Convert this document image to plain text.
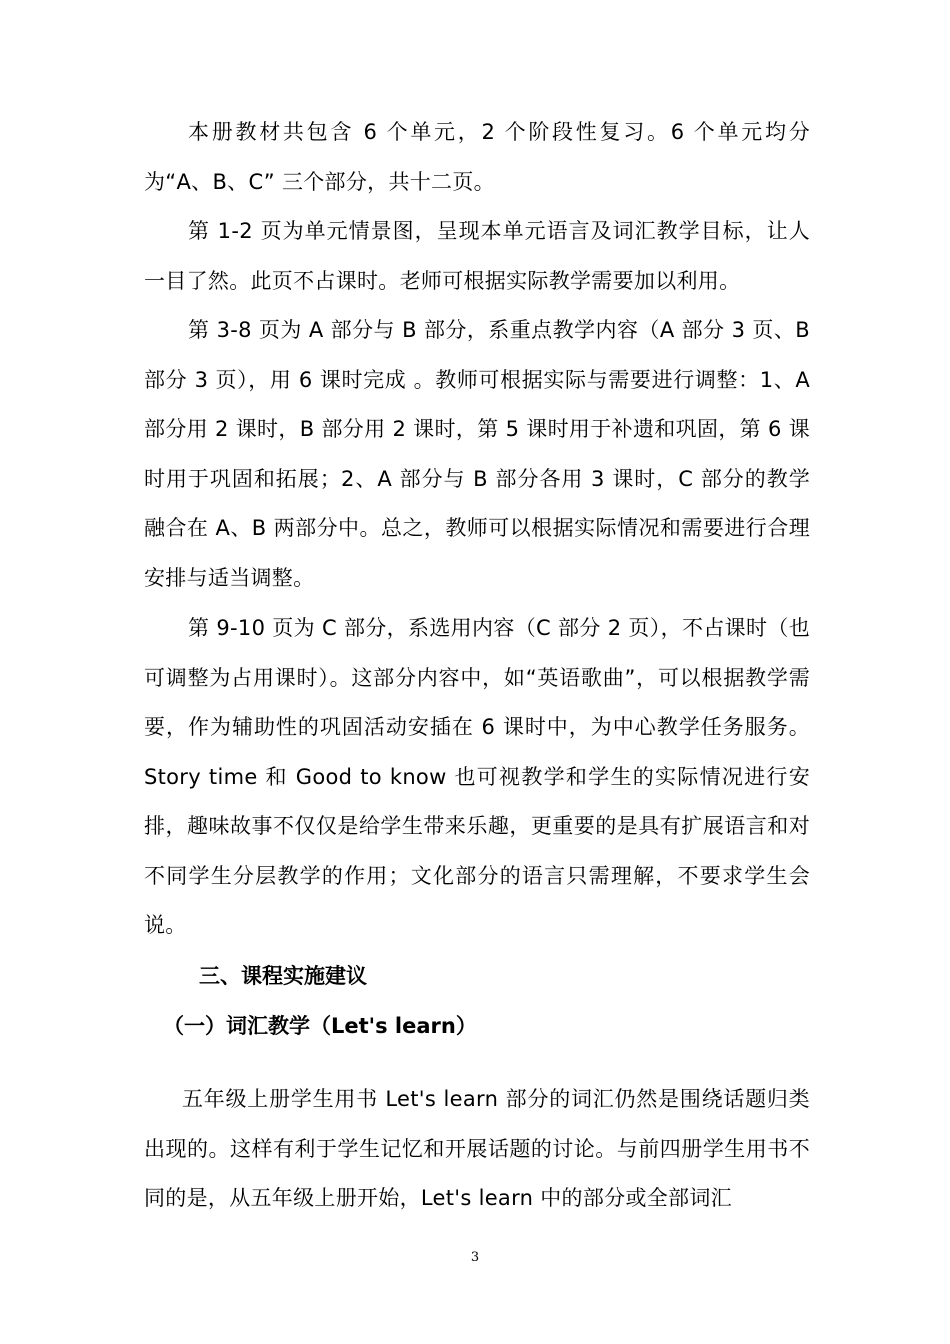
本册教材共包含 6 个单元，2 个阶段性复习。6 个单元均分为“A、B、C” 三个部分，共十二页。

第 1-2 页为单元情景图，呈现本单元语言及词汇教学目标，让人一目了然。此页不占课时。老师可根据实际教学需要加以利用。

第 3-8 页为 A 部分与 B 部分，系重点教学内容（A 部分 3 页、B 部分 3 页），用 6 课时完成 。教师可根据实际与需要进行调整：1、A 部分用 2 课时，B 部分用 2 课时，第 5 课时用于补遗和巩固，第 6 课时用于巩固和拓展；2、A 部分与 B 部分各用 3 课时，C 部分的教学融合在 A、B 两部分中。总之，教师可以根据实际情况和需要进行合理安排与适当调整。

第 9-10 页为 C 部分，系选用内容（C 部分 2 页），不占课时（也可调整为占用课时）。这部分内容中，如“英语歌曲”，可以根据教学需要，作为辅助性的巩固活动安插在 6 课时中，为中心教学任务服务。Story time 和 Good to know 也可视教学和学生的实际情况进行安排，趣味故事不仅仅是给学生带来乐趣，更重要的是具有扩展语言和对不同学生分层教学的作用；文化部分的语言只需理解，不要求学生会说。

三、课程实施建议
（一）词汇教学（Let's learn）

五年级上册学生用书 Let's learn 部分的词汇仍然是围绕话题归类出现的。这样有利于学生记忆和开展话题的讨论。与前四册学生用书不同的是，从五年级上册开始，Let's learn 中的部分或全部词汇

3
